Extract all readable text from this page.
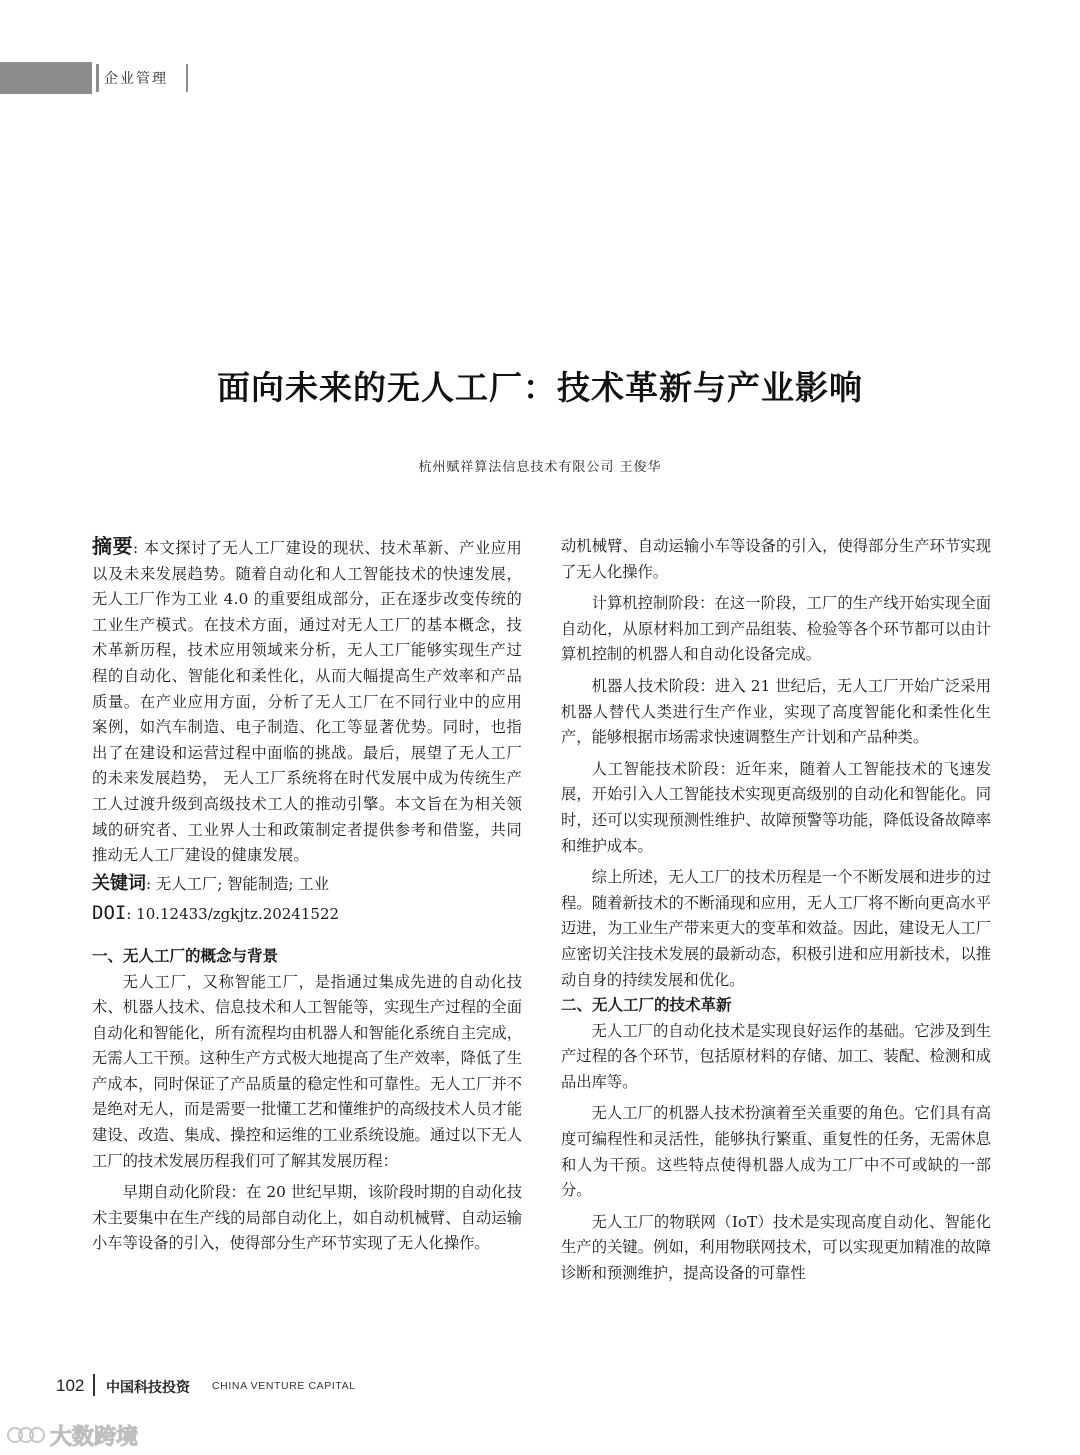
企业管理
面向未来的无人工厂：技术革新与产业影响
杭州赋祥算法信息技术有限公司 王俊华

摘要: 本文探讨了无人工厂建设的现状、技术革新、产业应用以及未来发展趋势。随着自动化和人工智能技术的快速发展，无人工厂作为工业 4.0 的重要组成部分，正在逐步改变传统的工业生产模式。在技术方面，通过对无人工厂的基本概念，技术革新历程，技术应用领域来分析，无人工厂能够实现生产过程的自动化、智能化和柔性化，从而大幅提高生产效率和产品质量。在产业应用方面，分析了无人工厂在不同行业中的应用案例，如汽车制造、电子制造、化工等显著优势。同时，也指出了在建设和运营过程中面临的挑战。最后，展望了无人工厂的未来发展趋势， 无人工厂系统将在时代发展中成为传统生产工人过渡升级到高级技术工人的推动引擎。本文旨在为相关领域的研究者、工业界人士和政策制定者提供参考和借鉴，共同推动无人工厂建设的健康发展。

关键词: 无人工厂; 智能制造; 工业

DOI: 10.12433/zgkjtz.20241522

一、无人工厂的概念与背景

无人工厂，又称智能工厂，是指通过集成先进的自动化技术、机器人技术、信息技术和人工智能等，实现生产过程的全面自动化和智能化，所有流程均由机器人和智能化系统自主完成，无需人工干预。这种生产方式极大地提高了生产效率，降低了生产成本，同时保证了产品质量的稳定性和可靠性。无人工厂并不是绝对无人，而是需要一批懂工艺和懂维护的高级技术人员才能建设、改造、集成、操控和运维的工业系统设施。通过以下无人工厂的技术发展历程我们可了解其发展历程：

早期自动化阶段：在 20 世纪早期，该阶段时期的自动化技术主要集中在生产线的局部自动化上，如自动机械臂、自动运输小车等设备的引入，使得部分生产环节实现了无人化操作。

动机械臂、自动运输小车等设备的引入，使得部分生产环节实现了无人化操作。

计算机控制阶段：在这一阶段，工厂的生产线开始实现全面自动化，从原材料加工到产品组装、检验等各个环节都可以由计算机控制的机器人和自动化设备完成。

机器人技术阶段：进入 21 世纪后，无人工厂开始广泛采用机器人替代人类进行生产作业，实现了高度智能化和柔性化生产，能够根据市场需求快速调整生产计划和产品种类。

人工智能技术阶段：近年来，随着人工智能技术的飞速发展，开始引入人工智能技术实现更高级别的自动化和智能化。同时，还可以实现预测性维护、故障预警等功能，降低设备故障率和维护成本。

综上所述，无人工厂的技术历程是一个不断发展和进步的过程。随着新技术的不断涌现和应用，无人工厂将不断向更高水平迈进，为工业生产带来更大的变革和效益。因此，建设无人工厂应密切关注技术发展的最新动态，积极引进和应用新技术，以推动自身的持续发展和优化。

二、无人工厂的技术革新

无人工厂的自动化技术是实现良好运作的基础。它涉及到生产过程的各个环节，包括原材料的存储、加工、装配、检测和成品出库等。

无人工厂的机器人技术扮演着至关重要的角色。它们具有高度可编程性和灵活性，能够执行繁重、重复性的任务，无需休息和人为干预。这些特点使得机器人成为工厂中不可或缺的一部分。

无人工厂的物联网（IoT）技术是实现高度自动化、智能化生产的关键。例如，利用物联网技术，可以实现更加精准的故障诊断和预测维护，提高设备的可靠性

102 中国科技投资 CHINA VENTURE CAPITAL
大数跨境
